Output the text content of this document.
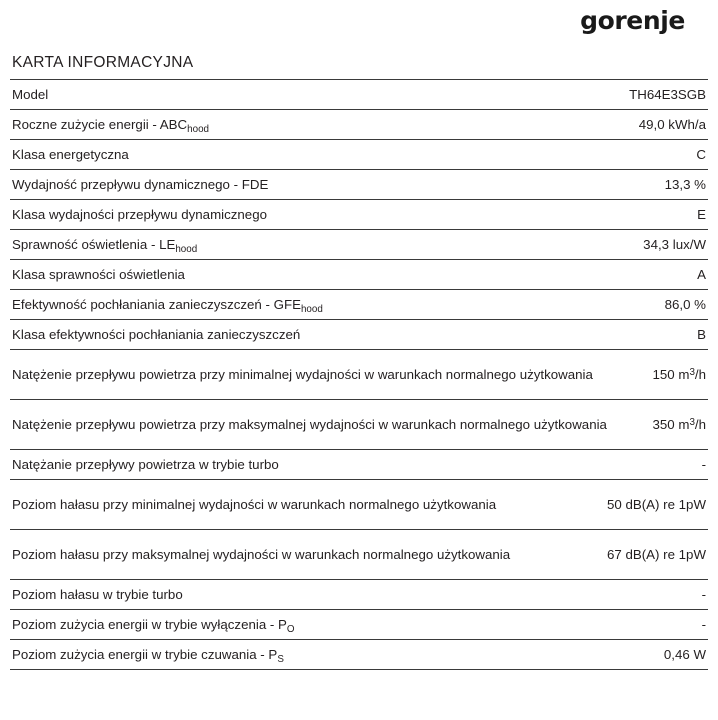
gorenje
KARTA INFORMACYJNA
Model	TH64E3SGB
Roczne zużycie energii - $ABC_{hood}$	49,0 kWh/a
Klasa energetyczna	C
Wydajność przepływu dynamicznego - FDE	13,3 %
Klasa wydajności przepływu dynamicznego	E
Sprawność oświetlenia - $LE_{hood}$	34,3 lux/W
Klasa sprawności oświetlenia	A
Efektywność pochłaniania zanieczyszczeń - $GFE_{hood}$	86,0 %
Klasa efektywności pochłaniania zanieczyszczeń	B
Natężenie przepływu powietrza przy minimalnej wydajności w warunkach normalnego użytkowania	150 $m^3/h$
Natężenie przepływu powietrza przy maksymalnej wydajności w warunkach normalnego użytkowania	350 $m^3/h$
Natężanie przepływy powietrza w trybie turbo	-
Poziom hałasu przy minimalnej wydajności w warunkach normalnego użytkowania	50 dB(A) re 1pW
Poziom hałasu przy maksymalnej wydajności w warunkach normalnego użytkowania	67 dB(A) re 1pW
Poziom hałasu w trybie turbo	-
Poziom zużycia energii w trybie wyłączenia - $P_O$	-
Poziom zużycia energii w trybie czuwania - $P_S$	0,46 W
